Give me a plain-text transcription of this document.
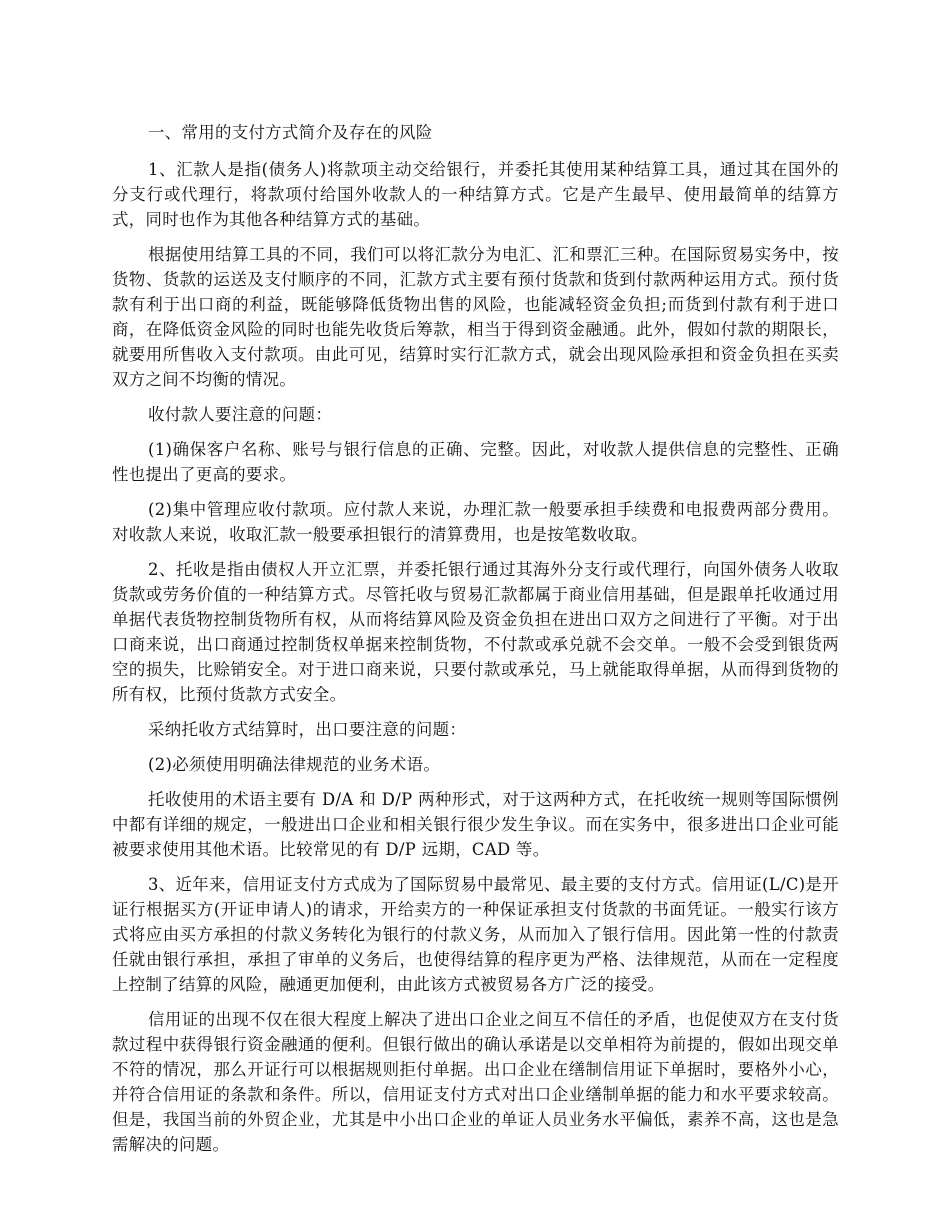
一、常用的支付方式简介及存在的风险

1、汇款人是指(债务人)将款项主动交给银行，并委托其使用某种结算工具，通过其在国外的分支行或代理行，将款项付给国外收款人的一种结算方式。它是产生最早、使用最简单的结算方式，同时也作为其他各种结算方式的基础。

根据使用结算工具的不同，我们可以将汇款分为电汇、汇和票汇三种。在国际贸易实务中，按货物、货款的运送及支付顺序的不同，汇款方式主要有预付货款和货到付款两种运用方式。预付货款有利于出口商的利益，既能够降低货物出售的风险，也能减轻资金负担;而货到付款有利于进口商，在降低资金风险的同时也能先收货后筹款，相当于得到资金融通。此外，假如付款的期限长，就要用所售收入支付款项。由此可见，结算时实行汇款方式，就会出现风险承担和资金负担在买卖双方之间不均衡的情况。

收付款人要注意的问题：

(1)确保客户名称、账号与银行信息的正确、完整。因此，对收款人提供信息的完整性、正确性也提出了更高的要求。

(2)集中管理应收付款项。应付款人来说，办理汇款一般要承担手续费和电报费两部分费用。对收款人来说，收取汇款一般要承担银行的清算费用，也是按笔数收取。

2、托收是指由债权人开立汇票，并委托银行通过其海外分支行或代理行，向国外债务人收取货款或劳务价值的一种结算方式。尽管托收与贸易汇款都属于商业信用基础，但是跟单托收通过用单据代表货物控制货物所有权，从而将结算风险及资金负担在进出口双方之间进行了平衡。对于出口商来说，出口商通过控制货权单据来控制货物，不付款或承兑就不会交单。一般不会受到银货两空的损失，比赊销安全。对于进口商来说，只要付款或承兑，马上就能取得单据，从而得到货物的所有权，比预付货款方式安全。

采纳托收方式结算时，出口要注意的问题：

(2)必须使用明确法律规范的业务术语。

托收使用的术语主要有 D/A 和 D/P 两种形式，对于这两种方式，在托收统一规则等国际惯例中都有详细的规定，一般进出口企业和相关银行很少发生争议。而在实务中，很多进出口企业可能被要求使用其他术语。比较常见的有 D/P 远期，CAD 等。

3、近年来，信用证支付方式成为了国际贸易中最常见、最主要的支付方式。信用证(L/C)是开证行根据买方(开证申请人)的请求，开给卖方的一种保证承担支付货款的书面凭证。一般实行该方式将应由买方承担的付款义务转化为银行的付款义务，从而加入了银行信用。因此第一性的付款责任就由银行承担，承担了审单的义务后，也使得结算的程序更为严格、法律规范，从而在一定程度上控制了结算的风险，融通更加便利，由此该方式被贸易各方广泛的接受。

信用证的出现不仅在很大程度上解决了进出口企业之间互不信任的矛盾，也促使双方在支付货款过程中获得银行资金融通的便利。但银行做出的确认承诺是以交单相符为前提的，假如出现交单不符的情况，那么开证行可以根据规则拒付单据。出口企业在缮制信用证下单据时，要格外小心，并符合信用证的条款和条件。所以，信用证支付方式对出口企业缮制单据的能力和水平要求较高。但是，我国当前的外贸企业，尤其是中小出口企业的单证人员业务水平偏低，素养不高，这也是急需解决的问题。
